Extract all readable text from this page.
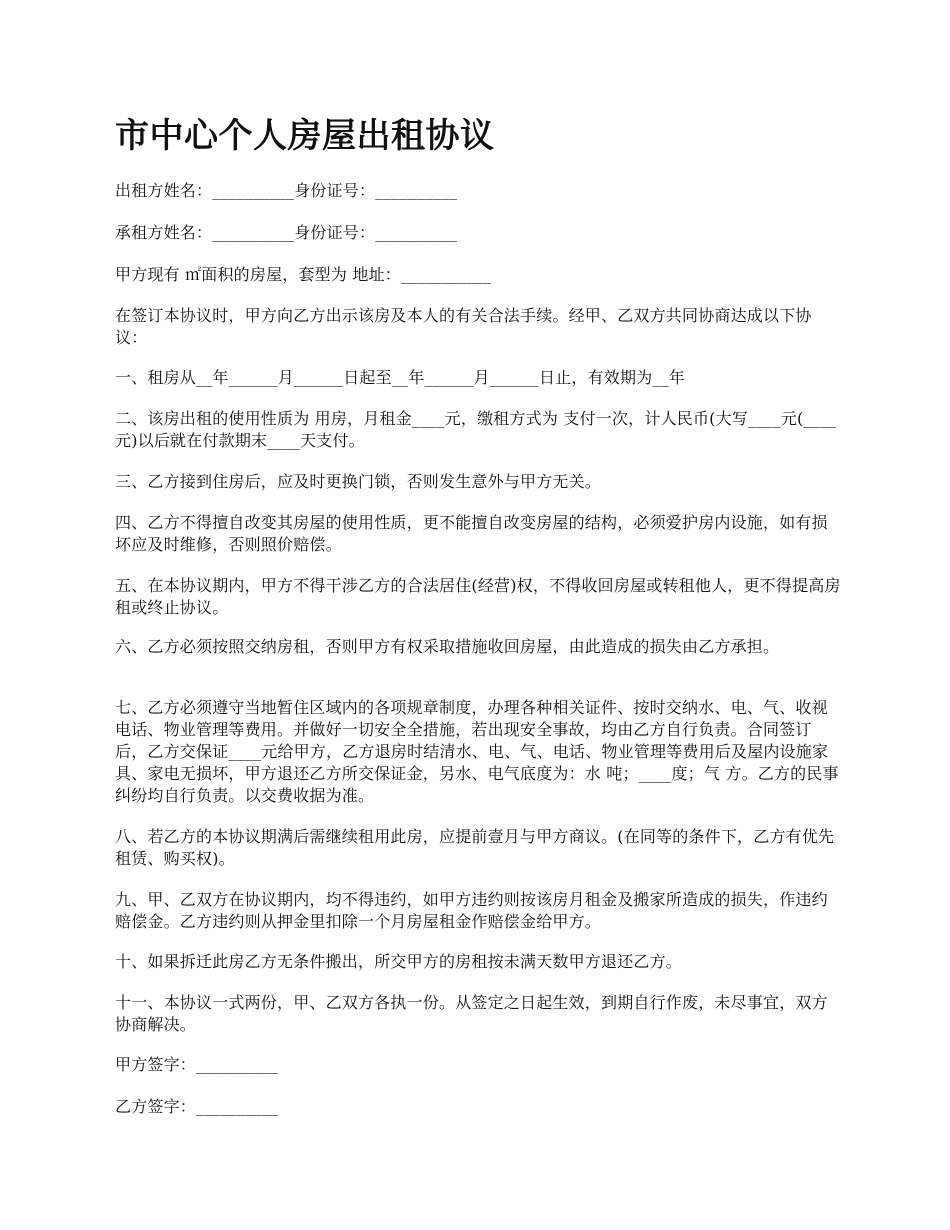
市中心个人房屋出租协议

出租方姓名：__________身份证号：__________

承租方姓名：__________身份证号：__________

甲方现有 ㎡面积的房屋，套型为 地址：___________

在签订本协议时，甲方向乙方出示该房及本人的有关合法手续。经甲、乙双方共同协商达成以下协议：

一、租房从__年______月______日起至__年______月______日止，有效期为__年

二、该房出租的使用性质为 用房，月租金____元，缴租方式为 支付一次，计人民币(大写____元(____元)以后就在付款期末____天支付。

三、乙方接到住房后，应及时更换门锁，否则发生意外与甲方无关。

四、乙方不得擅自改变其房屋的使用性质，更不能擅自改变房屋的结构，必须爱护房内设施，如有损坏应及时维修，否则照价赔偿。

五、在本协议期内，甲方不得干涉乙方的合法居住(经营)权，不得收回房屋或转租他人，更不得提高房租或终止协议。

六、乙方必须按照交纳房租，否则甲方有权采取措施收回房屋，由此造成的损失由乙方承担。

七、乙方必须遵守当地暂住区域内的各项规章制度，办理各种相关证件、按时交纳水、电、气、收视电话、物业管理等费用。并做好一切安全全措施，若出现安全事故，均由乙方自行负责。合同签订后，乙方交保证____元给甲方，乙方退房时结清水、电、气、电话、物业管理等费用后及屋内设施家具、家电无损坏，甲方退还乙方所交保证金，另水、电气底度为：水 吨；____度；气 方。乙方的民事纠纷均自行负责。以交费收据为准。

八、若乙方的本协议期满后需继续租用此房，应提前壹月与甲方商议。(在同等的条件下，乙方有优先租赁、购买权)。

九、甲、乙双方在协议期内，均不得违约，如甲方违约则按该房月租金及搬家所造成的损失，作违约赔偿金。乙方违约则从押金里扣除一个月房屋租金作赔偿金给甲方。

十、如果拆迁此房乙方无条件搬出，所交甲方的房租按未满天数甲方退还乙方。

十一、本协议一式两份，甲、乙双方各执一份。从签定之日起生效，到期自行作废，未尽事宜，双方协商解决。

甲方签字：__________

乙方签字：__________
